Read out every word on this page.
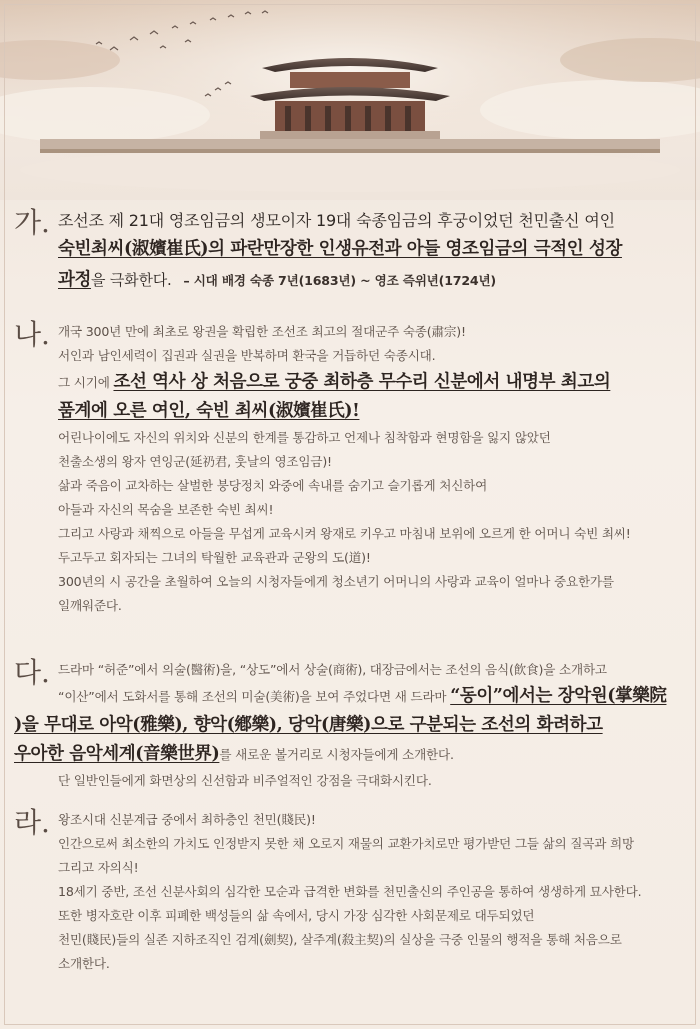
가. 조선조 제 21대 영조임금의 생모이자 19대 숙종임금의 후궁이었던 천민출신 여인
숙빈최씨(淑嬪崔氏)의 파란만장한 인생유전과 아들 영조임금의 극적인 성장
과정을 극화한다. – 시대 배경 숙종 7년(1683년) ~ 영조 즉위년(1724년)
나. 개국 300년 만에 최초로 왕권을 확립한 조선조 최고의 절대군주 숙종(肅宗)!
서인과 남인세력이 집권과 실권을 반복하며 환국을 거듭하던 숙종시대.
그 시기에 조선 역사 상 처음으로 궁중 최하층 무수리 신분에서 내명부 최고의
품계에 오른 여인, 숙빈 최씨(淑嬪崔氏)!
어린나이에도 자신의 위치와 신분의 한계를 통감하고 언제나 침착함과 현명함을 잃지 않았던
천출소생의 왕자 연잉군(延礽君, 훗날의 영조임금)!
삶과 죽음이 교차하는 살벌한 붕당정치 와중에 속내를 숨기고 슬기롭게 처신하여
아들과 자신의 목숨을 보존한 숙빈 최씨!
그리고 사랑과 채찍으로 아들을 무섭게 교육시켜 왕재로 키우고 마침내 보위에 오르게 한 어머니 숙빈 최씨!
두고두고 회자되는 그녀의 탁월한 교육관과 군왕의 도(道)!
300년의 시 공간을 초월하여 오늘의 시청자들에게 청소년기 어머니의 사랑과 교육이 얼마나 중요한가를
일깨워준다.
다. 드라마 “허준”에서 의술(醫術)을, “상도”에서 상술(商術), 대장금에서는 조선의 음식(飮食)을 소개하고
“이산”에서 도화서를 통해 조선의 미술(美術)을 보여 주었다면 새 드라마 “동이”에서는 장악원(掌樂院
)을 무대로 아악(雅樂), 향악(鄕樂), 당악(唐樂)으로 구분되는 조선의 화려하고
우아한 음악세계(音樂世界)를 새로운 볼거리로 시청자들에게 소개한다.
단 일반인들에게 화면상의 신선함과 비주얼적인 강점을 극대화시킨다.
라. 왕조시대 신분계급 중에서 최하층인 천민(賤民)!
인간으로써 최소한의 가치도 인정받지 못한 채 오로지 재물의 교환가치로만 평가받던 그들 삶의 질곡과 희망
그리고 자의식!
18세기 중반, 조선 신분사회의 심각한 모순과 급격한 변화를 천민출신의 주인공을 통하여 생생하게 묘사한다.
또한 병자호란 이후 피폐한 백성들의 삶 속에서, 당시 가장 심각한 사회문제로 대두되었던
천민(賤民)들의 실존 지하조직인 검계(劍契), 살주계(殺主契)의 실상을 극중 인물의 행적을 통해 처음으로
소개한다.
